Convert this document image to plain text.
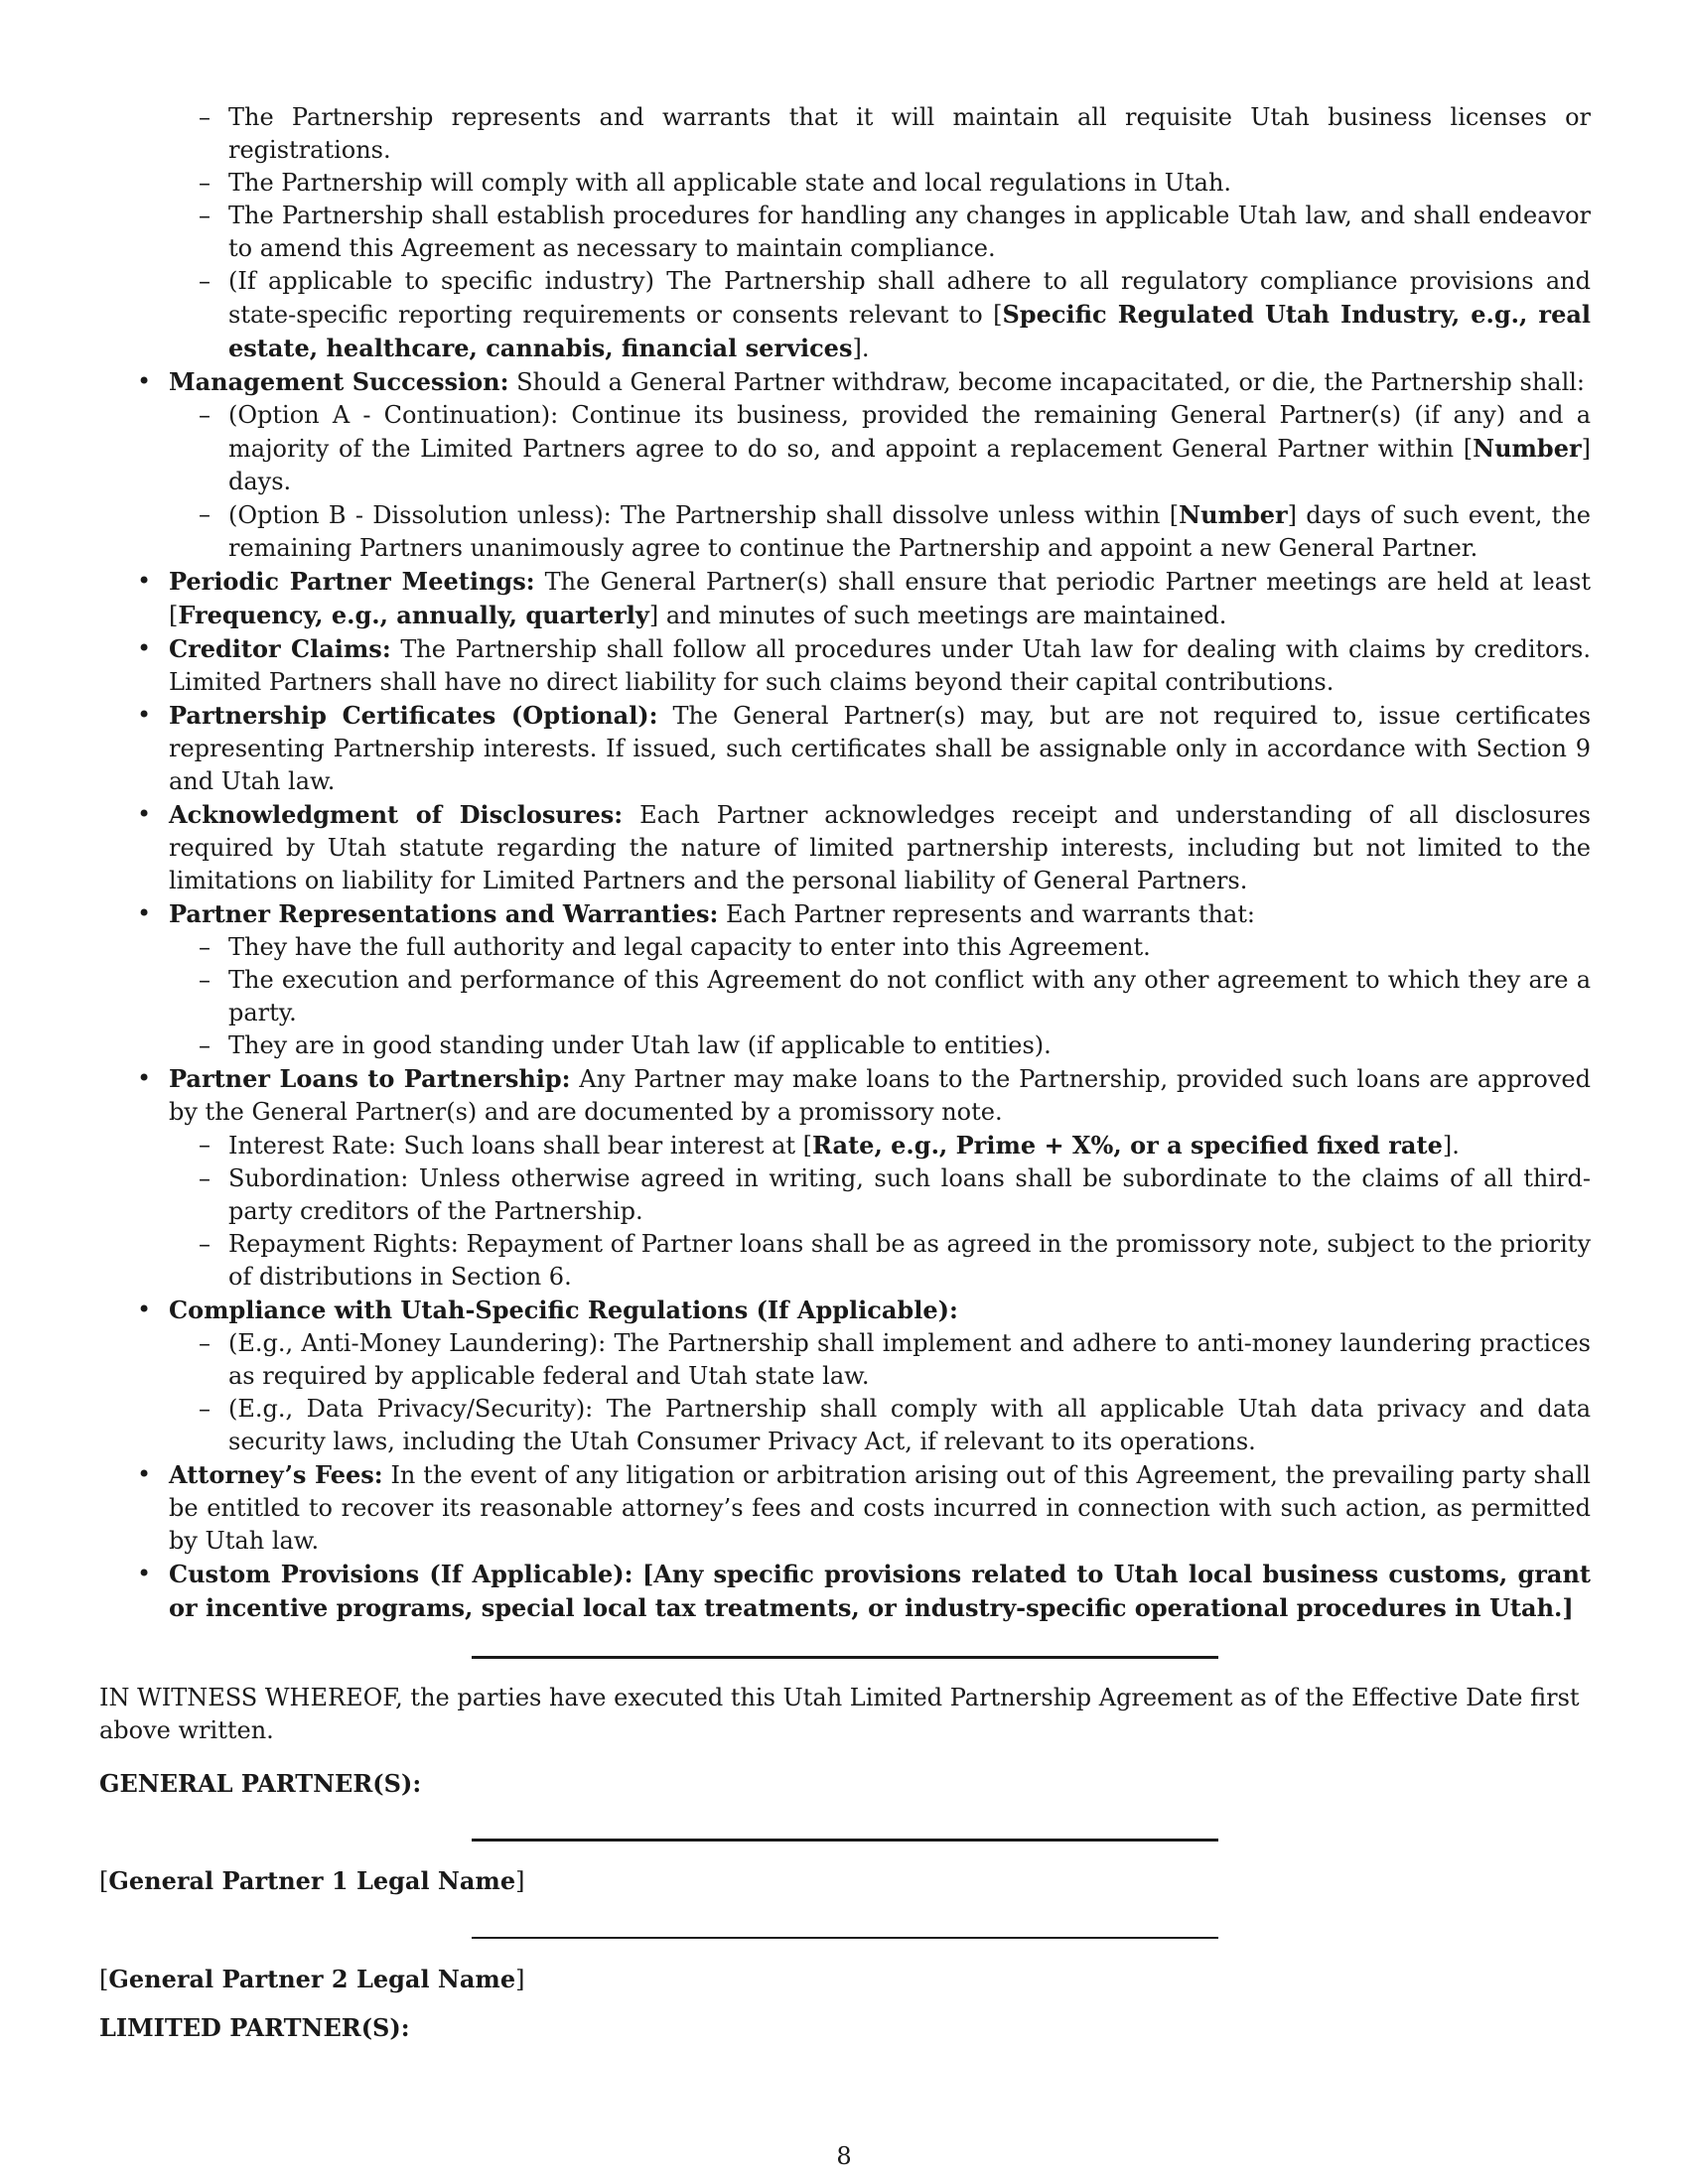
– The Partnership represents and warrants that it will maintain all requisite Utah business licenses or registrations.
– The Partnership will comply with all applicable state and local regulations in Utah.
– The Partnership shall establish procedures for handling any changes in applicable Utah law, and shall endeavor to amend this Agreement as necessary to maintain compliance.
– (If applicable to specific industry) The Partnership shall adhere to all regulatory compliance provisions and state-specific reporting requirements or consents relevant to [Specific Regulated Utah Industry, e.g., real estate, healthcare, cannabis, financial services].
• Management Succession: Should a General Partner withdraw, become incapacitated, or die, the Partnership shall:
– (Option A - Continuation): Continue its business, provided the remaining General Partner(s) (if any) and a majority of the Limited Partners agree to do so, and appoint a replacement General Partner within [Number] days.
– (Option B - Dissolution unless): The Partnership shall dissolve unless within [Number] days of such event, the remaining Partners unanimously agree to continue the Partnership and appoint a new General Partner.
• Periodic Partner Meetings: The General Partner(s) shall ensure that periodic Partner meetings are held at least [Frequency, e.g., annually, quarterly] and minutes of such meetings are maintained.
• Creditor Claims: The Partnership shall follow all procedures under Utah law for dealing with claims by creditors. Limited Partners shall have no direct liability for such claims beyond their capital contributions.
• Partnership Certificates (Optional): The General Partner(s) may, but are not required to, issue certificates representing Partnership interests. If issued, such certificates shall be assignable only in accordance with Section 9 and Utah law.
• Acknowledgment of Disclosures: Each Partner acknowledges receipt and understanding of all disclosures required by Utah statute regarding the nature of limited partnership interests, including but not limited to the limitations on liability for Limited Partners and the personal liability of General Partners.
• Partner Representations and Warranties: Each Partner represents and warrants that:
– They have the full authority and legal capacity to enter into this Agreement.
– The execution and performance of this Agreement do not conflict with any other agreement to which they are a party.
– They are in good standing under Utah law (if applicable to entities).
• Partner Loans to Partnership: Any Partner may make loans to the Partnership, provided such loans are approved by the General Partner(s) and are documented by a promissory note.
– Interest Rate: Such loans shall bear interest at [Rate, e.g., Prime + X%, or a specified fixed rate].
– Subordination: Unless otherwise agreed in writing, such loans shall be subordinate to the claims of all third-party creditors of the Partnership.
– Repayment Rights: Repayment of Partner loans shall be as agreed in the promissory note, subject to the priority of distributions in Section 6.
• Compliance with Utah-Specific Regulations (If Applicable):
– (E.g., Anti-Money Laundering): The Partnership shall implement and adhere to anti-money laundering practices as required by applicable federal and Utah state law.
– (E.g., Data Privacy/Security): The Partnership shall comply with all applicable Utah data privacy and data security laws, including the Utah Consumer Privacy Act, if relevant to its operations.
• Attorney’s Fees: In the event of any litigation or arbitration arising out of this Agreement, the prevailing party shall be entitled to recover its reasonable attorney’s fees and costs incurred in connection with such action, as permitted by Utah law.
• Custom Provisions (If Applicable): [Any specific provisions related to Utah local business customs, grant or incentive programs, special local tax treatments, or industry-specific operational procedures in Utah.]

IN WITNESS WHEREOF, the parties have executed this Utah Limited Partnership Agreement as of the Effective Date first above written.

GENERAL PARTNER(S):
[General Partner 1 Legal Name]
[General Partner 2 Legal Name]
LIMITED PARTNER(S):
8
